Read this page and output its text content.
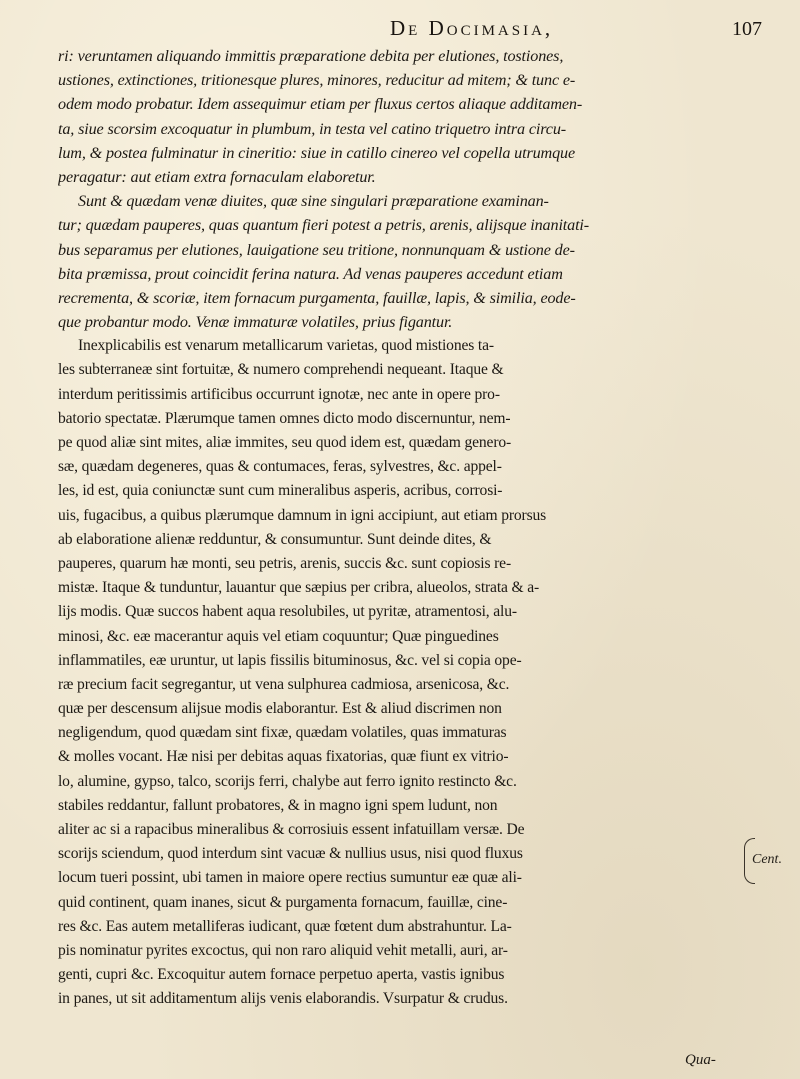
De Docimasia,	107
ri: veruntamen aliquando immittis præparatione debita per elutiones, tostiones,
ustiones, extinctiones, tritionesque plures, minores, reducitur ad mitem; & tunc e-
odem modo probatur. Idem assequimur etiam per fluxus certos aliaque additamen-
ta, siue scorsim excoquatur in plumbum, in testa vel catino triquetro intra circu-
lum, & postea fulminatur in cineritio: siue in catillo cinereo vel copella utrumque
peragatur: aut etiam extra fornaculam elaboretur.
Sunt & quædam venæ diuites, quæ sine singulari præparatione examinan-
tur; quædam pauperes, quas quantum fieri potest a petris, arenis, alijsque inanitati-
bus separamus per elutiones, lauigatione seu tritione, nonnunquam & ustione de-
bita præmissa, prout coincidit ferina natura. Ad venas pauperes accedunt etiam
recrementa, & scoriæ, item fornacum purgamenta, fauillæ, lapis, & similia, eode-
que probantur modo. Venæ immaturæ volatiles, prius figantur.
Inexplicabilis est venarum metallicarum varietas, quod mistiones ta-
les subterraneæ sint fortuitæ, & numero comprehendi nequeant. Itaque &
interdum peritissimis artificibus occurrunt ignotæ, nec ante in opere pro-
batorio spectatæ. Plærumque tamen omnes dicto modo discernuntur, nem-
pe quod aliæ sint mites, aliæ immites, seu quod idem est, quædam genero-
sæ, quædam degeneres, quas & contumaces, feras, sylvestres, &c. appel-
les, id est, quia coniunctæ sunt cum mineralibus asperis, acribus, corrosi-
uis, fugacibus, a quibus plærumque damnum in igni accipiunt, aut etiam prorsus
ab elaboratione alienæ redduntur, & consumuntur. Sunt deinde dites, &
pauperes, quarum hæ monti, seu petris, arenis, succis &c. sunt copiosis re-
mistæ. Itaque & tunduntur, lauantur que sæpius per cribra, alueolos, strata & a-
lijs modis. Quæ succos habent aqua resolubiles, ut pyritæ, atramentosi, alu-
minosi, &c. eæ macerantur aquis vel etiam coquuntur; Quæ pinguedines
inflammatiles, eæ uruntur, ut lapis fissilis bituminosus, &c. vel si copia ope-
ræ precium facit segregantur, ut vena sulphurea cadmiosa, arsenicosa, &c.
quæ per descensum alijsue modis elaborantur. Est & aliud discrimen non
negligendum, quod quædam sint fixæ, quædam volatiles, quas immaturas
& molles vocant. Hæ nisi per debitas aquas fixatorias, quæ fiunt ex vitrio-
lo, alumine, gypso, talco, scorijs ferri, chalybe aut ferro ignito restincto &c.
stabiles reddantur, fallunt probatores, & in magno igni spem ludunt, non
aliter ac si a rapacibus mineralibus & corrosiuis essent infatuillam versæ. De
scorijs sciendum, quod interdum sint vacuæ & nullius usus, nisi quod fluxus
locum tueri possint, ubi tamen in maiore opere rectius sumuntur eæ quæ ali-
quid continent, quam inanes, sicut & purgamenta fornacum, fauillæ, cine-
res &c. Eas autem metalliferas iudicant, quæ fœtent dum abstrahuntur. La-
pis nominatur pyrites excoctus, qui non raro aliquid vehit metalli, auri, ar-
genti, cupri &c. Excoquitur autem fornace perpetuo aperta, vastis ignibus
in panes, ut sit additamentum alijs venis elaborandis. Vsurpatur & crudus.
Cent.
Qua-
